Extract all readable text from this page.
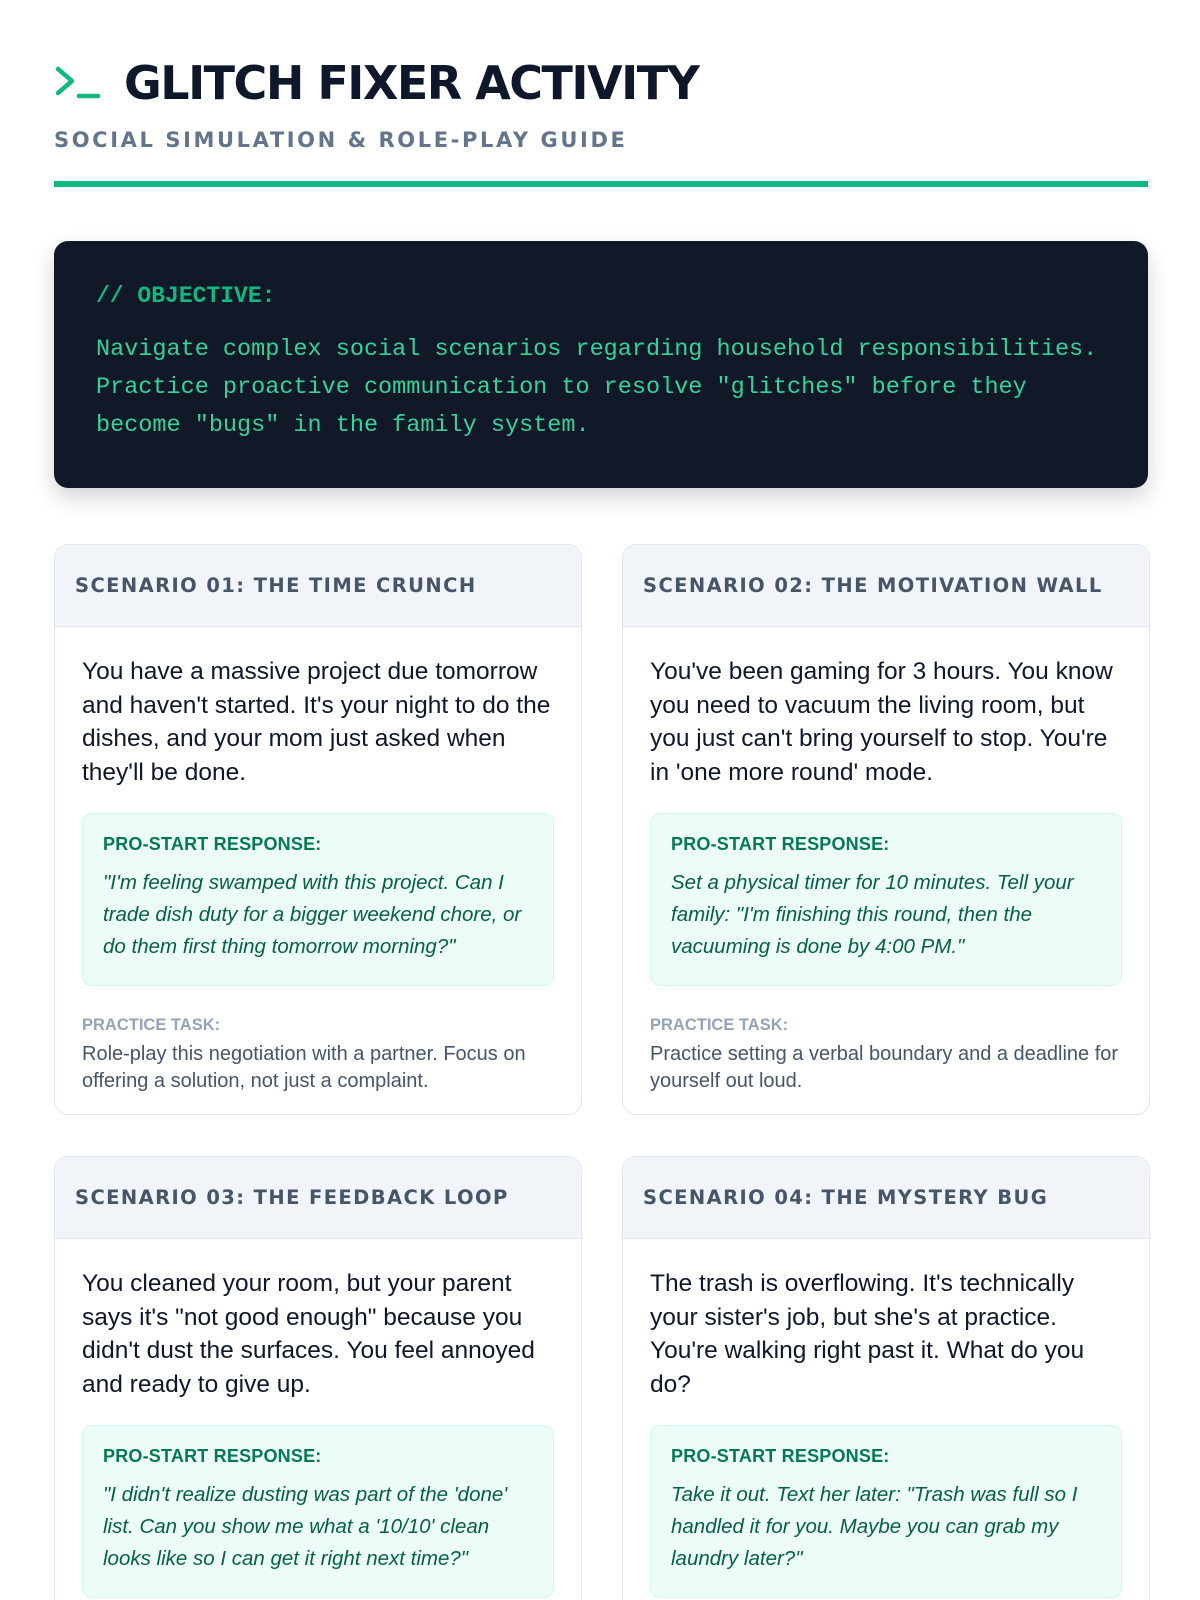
GLITCH FIXER ACTIVITY
SOCIAL SIMULATION & ROLE-PLAY GUIDE
// OBJECTIVE:
Navigate complex social scenarios regarding household responsibilities. Practice proactive communication to resolve "glitches" before they become "bugs" in the family system.
SCENARIO 01: THE TIME CRUNCH
You have a massive project due tomorrow and haven't started. It's your night to do the dishes, and your mom just asked when they'll be done.
PRO-START RESPONSE:
"I'm feeling swamped with this project. Can I trade dish duty for a bigger weekend chore, or do them first thing tomorrow morning?"
PRACTICE TASK:
Role-play this negotiation with a partner. Focus on offering a solution, not just a complaint.
SCENARIO 02: THE MOTIVATION WALL
You've been gaming for 3 hours. You know you need to vacuum the living room, but you just can't bring yourself to stop. You're in 'one more round' mode.
PRO-START RESPONSE:
Set a physical timer for 10 minutes. Tell your family: "I'm finishing this round, then the vacuuming is done by 4:00 PM."
PRACTICE TASK:
Practice setting a verbal boundary and a deadline for yourself out loud.
SCENARIO 03: THE FEEDBACK LOOP
You cleaned your room, but your parent says it's "not good enough" because you didn't dust the surfaces. You feel annoyed and ready to give up.
PRO-START RESPONSE:
"I didn't realize dusting was part of the 'done' list. Can you show me what a '10/10' clean looks like so I can get it right next time?"
SCENARIO 04: THE MYSTERY BUG
The trash is overflowing. It's technically your sister's job, but she's at practice. You're walking right past it. What do you do?
PRO-START RESPONSE:
Take it out. Text her later: "Trash was full so I handled it for you. Maybe you can grab my laundry later?"
